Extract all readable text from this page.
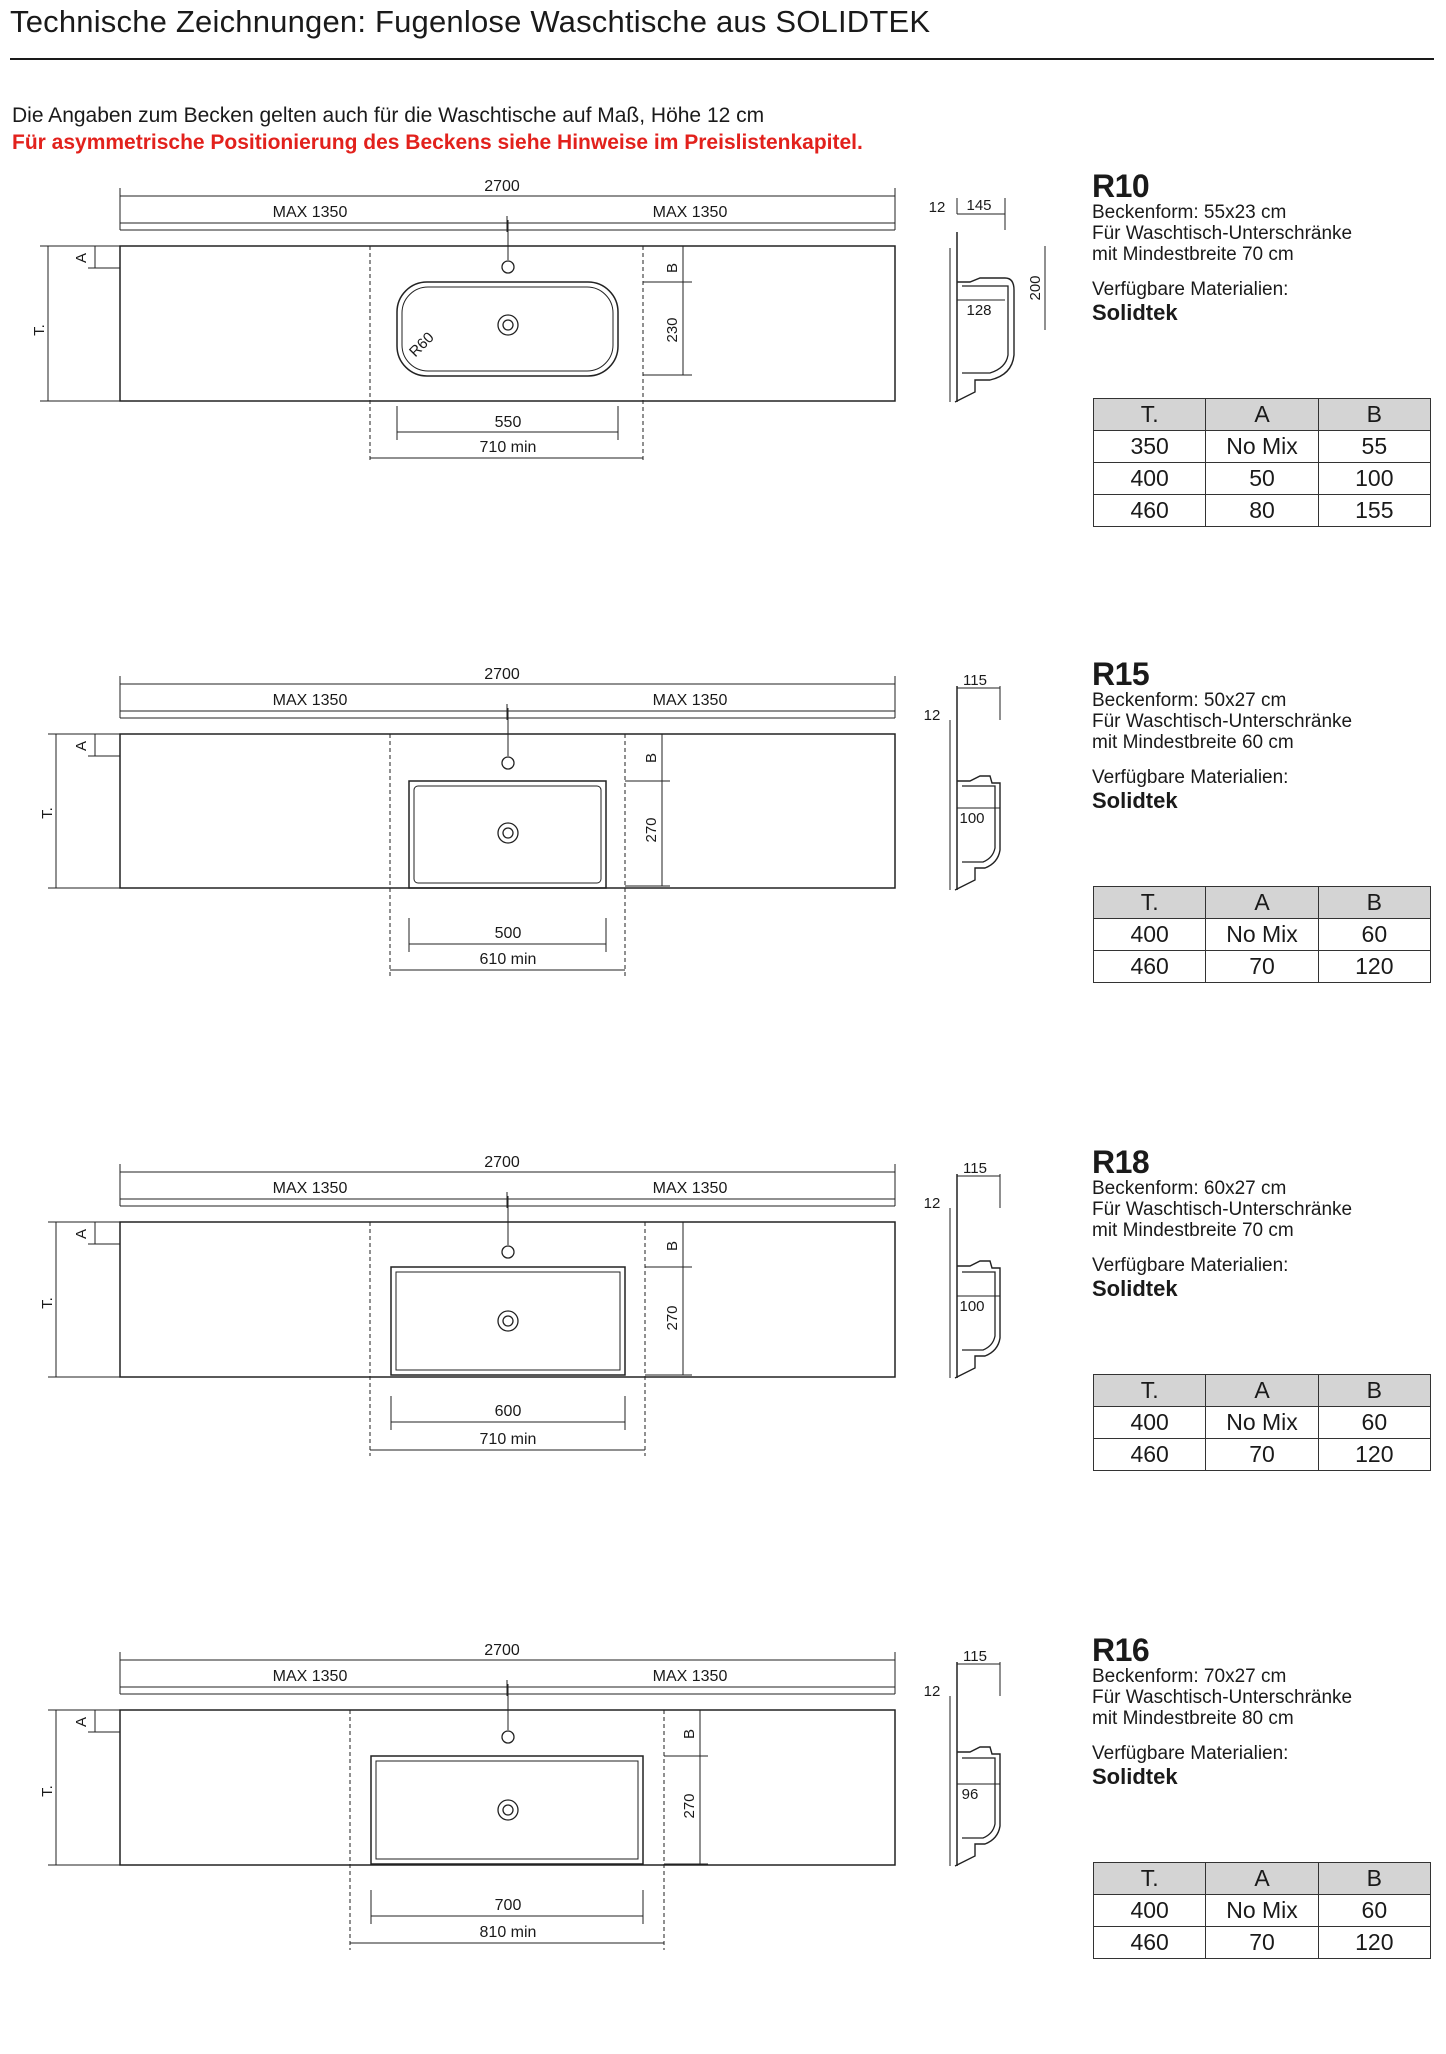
Technische Zeichnungen: Fugenlose Waschtische aus SOLIDTEK
Die Angaben zum Becken gelten auch für die Waschtische auf Maß, Höhe 12 cm
Für asymmetrische Positionierung des Beckens siehe Hinweise im Preislistenkapitel.
2700
MAX 1350	MAX 1350
R60
T.
A
B
230
550
710 min
12 145
200
128
R10
Beckenform: 55x23 cm
Für Waschtisch-Unterschränke
mit Mindestbreite 70 cm
Verfügbare Materialien:
Solidtek
T.	A	B
350	No Mix	55
400	50	100
460	80	155
2700
MAX 1350	MAX 1350
T.
A
B
270
500
610 min
115
12
100
R15
Beckenform: 50x27 cm
Für Waschtisch-Unterschränke
mit Mindestbreite 60 cm
Verfügbare Materialien:
Solidtek
T.	A	B
400	No Mix	60
460	70	120
2700
MAX 1350	MAX 1350
T.
A
B
270
600
710 min
115
12
100
R18
Beckenform: 60x27 cm
Für Waschtisch-Unterschränke
mit Mindestbreite 70 cm
Verfügbare Materialien:
Solidtek
T.	A	B
400	No Mix	60
460	70	120
2700
MAX 1350	MAX 1350
T.
A
B
270
700
810 min
115
12
96
R16
Beckenform: 70x27 cm
Für Waschtisch-Unterschränke
mit Mindestbreite 80 cm
Verfügbare Materialien:
Solidtek
T.	A	B
400	No Mix	60
460	70	120
